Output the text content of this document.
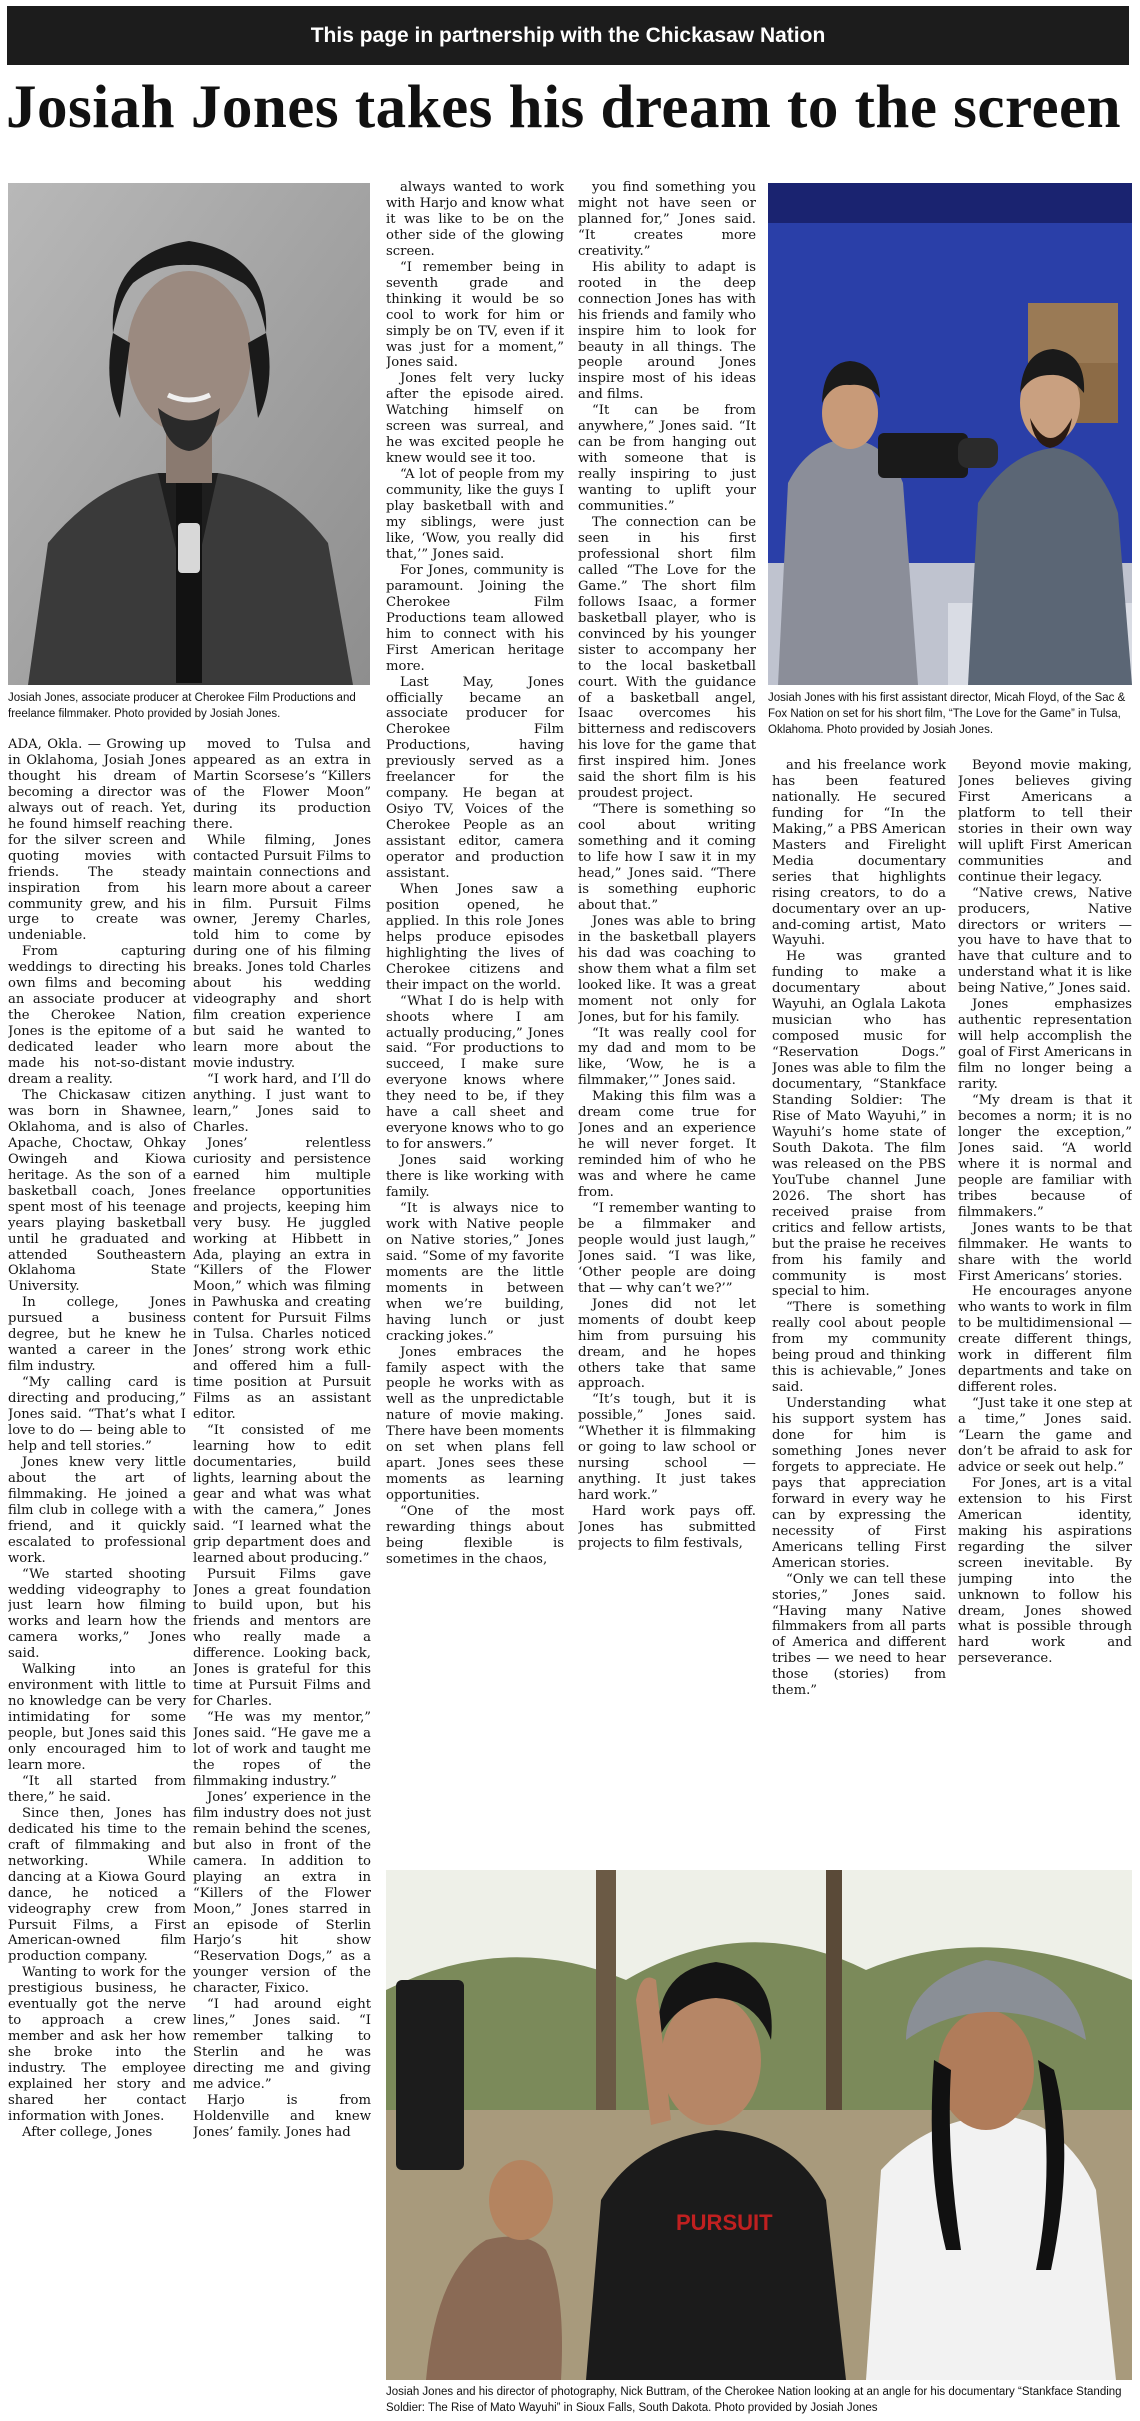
This page in partnership with the Chickasaw Nation
Josiah Jones takes his dream to the screen
Josiah Jones, associate producer at Cherokee Film Productions and freelance filmmaker. Photo provided by Josiah Jones.
Josiah Jones with his first assistant director, Micah Floyd, of the Sac & Fox Nation on set for his short film, “The Love for the Game” in Tulsa, Oklahoma. Photo provided by Josiah Jones.

ADA, Okla. — Growing up in Oklahoma, Josiah Jones thought his dream of becoming a director was always out of reach. Yet, he found himself reaching for the silver screen and quoting movies with friends. The steady inspiration from his community grew, and his urge to create was undeniable.

From capturing weddings to directing his own films and becoming an associate producer at the Cherokee Nation, Jones is the epitome of a dedicated leader who made his not-so-distant dream a reality.

The Chickasaw citizen was born in Shawnee, Oklahoma, and is also of Apache, Choctaw, Ohkay Owingeh and Kiowa heritage. As the son of a basketball coach, Jones spent most of his teenage years playing basketball until he graduated and attended Southeastern Oklahoma State University.

In college, Jones pursued a business degree, but he knew he wanted a career in the film industry.

“My calling card is directing and producing,” Jones said. “That’s what I love to do — being able to help and tell stories.”

Jones knew very little about the art of filmmaking. He joined a film club in college with a friend, and it quickly escalated to professional work.

“We started shooting wedding videography to just learn how filming works and learn how the camera works,” Jones said.

Walking into an environment with little to no knowledge can be very intimidating for some people, but Jones said this only encouraged him to learn more.

“It all started from there,” he said.

Since then, Jones has dedicated his time to the craft of filmmaking and networking. While dancing at a Kiowa Gourd dance, he noticed a videography crew from Pursuit Films, a First American-owned film production company.

Wanting to work for the prestigious business, he eventually got the nerve to approach a crew member and ask her how she broke into the industry. The employee explained her story and shared her contact information with Jones.

After college, Jones

moved to Tulsa and appeared as an extra in Martin Scorsese’s “Killers of the Flower Moon” during its production there.

While filming, Jones contacted Pursuit Films to maintain connections and learn more about a career in film. Pursuit Films owner, Jeremy Charles, told him to come by during one of his filming breaks. Jones told Charles about his wedding videography and short film creation experience but said he wanted to learn more about the movie industry.

“I work hard, and I’ll do anything. I just want to learn,” Jones said to Charles.

Jones’ relentless curiosity and persistence earned him multiple freelance opportunities and projects, keeping him very busy. He juggled working at Hibbett in Ada, playing an extra in “Killers of the Flower Moon,” which was filming in Pawhuska and creating content for Pursuit Films in Tulsa. Charles noticed Jones’ strong work ethic and offered him a full-time position at Pursuit Films as an assistant editor.

“It consisted of me learning how to edit documentaries, build lights, learning about the gear and what was what with the camera,” Jones said. “I learned what the grip department does and learned about producing.”

Pursuit Films gave Jones a great foundation to build upon, but his friends and mentors are who really made a difference. Looking back, Jones is grateful for this time at Pursuit Films and for Charles.

“He was my mentor,” Jones said. “He gave me a lot of work and taught me the ropes of the filmmaking industry.”

Jones’ experience in the film industry does not just remain behind the scenes, but also in front of the camera. In addition to playing an extra in “Killers of the Flower Moon,” Jones starred in an episode of Sterlin Harjo’s hit show “Reservation Dogs,” as a younger version of the character, Fixico.

“I had around eight lines,” Jones said. “I remember talking to Sterlin and he was directing me and giving me advice.”

Harjo is from Holdenville and knew Jones’ family. Jones had

always wanted to work with Harjo and know what it was like to be on the other side of the glowing screen.

“I remember being in seventh grade and thinking it would be so cool to work for him or simply be on TV, even if it was just for a moment,” Jones said.

Jones felt very lucky after the episode aired. Watching himself on screen was surreal, and he was excited people he knew would see it too.

“A lot of people from my community, like the guys I play basketball with and my siblings, were just like, ‘Wow, you really did that,’” Jones said.

For Jones, community is paramount. Joining the Cherokee Film Productions team allowed him to connect with his First American heritage more.

Last May, Jones officially became an associate producer for Cherokee Film Productions, having previously served as a freelancer for the company. He began at Osiyo TV, Voices of the Cherokee People as an assistant editor, camera operator and production assistant.

When Jones saw a position opened, he applied. In this role Jones helps produce episodes highlighting the lives of Cherokee citizens and their impact on the world.

“What I do is help with shoots where I am actually producing,” Jones said. “For productions to succeed, I make sure everyone knows where they need to be, if they have a call sheet and everyone knows who to go to for answers.”

Jones said working there is like working with family.

“It is always nice to work with Native people on Native stories,” Jones said. “Some of my favorite moments are the little moments in between when we’re building, having lunch or just cracking jokes.”

Jones embraces the family aspect with the people he works with as well as the unpredictable nature of movie making. There have been moments on set when plans fell apart. Jones sees these moments as learning opportunities.

“One of the most rewarding things about being flexible is sometimes in the chaos,

you find something you might not have seen or planned for,” Jones said. “It creates more creativity.”

His ability to adapt is rooted in the deep connection Jones has with his friends and family who inspire him to look for beauty in all things. The people around Jones inspire most of his ideas and films.

“It can be from anywhere,” Jones said. “It can be from hanging out with someone that is really inspiring to just wanting to uplift your communities.”

The connection can be seen in his first professional short film called “The Love for the Game.” The short film follows Isaac, a former basketball player, who is convinced by his younger sister to accompany her to the local basketball court. With the guidance of a basketball angel, Isaac overcomes his bitterness and rediscovers his love for the game that first inspired him. Jones said the short film is his proudest project.

“There is something so cool about writing something and it coming to life how I saw it in my head,” Jones said. “There is something euphoric about that.”

Jones was able to bring in the basketball players his dad was coaching to show them what a film set looked like. It was a great moment not only for Jones, but for his family.

“It was really cool for my dad and mom to be like, ‘Wow, he is a filmmaker,’” Jones said.

Making this film was a dream come true for Jones and an experience he will never forget. It reminded him of who he was and where he came from.

“I remember wanting to be a filmmaker and people would just laugh,” Jones said. “I was like, ‘Other people are doing that — why can’t we?’”

Jones did not let moments of doubt keep him from pursuing his dream, and he hopes others take that same approach.

“It’s tough, but it is possible,” Jones said. “Whether it is filmmaking or going to law school or nursing school — anything. It just takes hard work.”

Hard work pays off. Jones has submitted projects to film festivals,

and his freelance work has been featured nationally. He secured funding for “In the Making,” a PBS American Masters and Firelight Media documentary series that highlights rising creators, to do a documentary over an up-and-coming artist, Mato Wayuhi.

He was granted funding to make a documentary about Wayuhi, an Oglala Lakota musician who has composed music for “Reservation Dogs.” Jones was able to film the documentary, “Stankface Standing Soldier: The Rise of Mato Wayuhi,” in Wayuhi’s home state of South Dakota. The film was released on the PBS YouTube channel June 2026. The short has received praise from critics and fellow artists, but the praise he receives from his family and community is most special to him.

“There is something really cool about people from my community being proud and thinking this is achievable,” Jones said.

Understanding what his support system has done for him is something Jones never forgets to appreciate. He pays that appreciation forward in every way he can by expressing the necessity of First Americans telling First American stories.

“Only we can tell these stories,” Jones said. “Having many Native filmmakers from all parts of America and different tribes — we need to hear those (stories) from them.”

Beyond movie making, Jones believes giving First Americans a platform to tell their stories in their own way will uplift First American communities and continue their legacy.

“Native crews, Native producers, Native directors or writers — you have to have that to have that culture and to understand what it is like being Native,” Jones said.

Jones emphasizes authentic representation will help accomplish the goal of First Americans in film no longer being a rarity.

“My dream is that it becomes a norm; it is no longer the exception,” Jones said. “A world where it is normal and people are familiar with tribes because of filmmakers.”

Jones wants to be that filmmaker. He wants to share with the world First Americans’ stories.

He encourages anyone who wants to work in film to be multidimensional — create different things, work in different film departments and take on different roles.

“Just take it one step at a time,” Jones said. “Learn the game and don’t be afraid to ask for advice or seek out help.”

For Jones, art is a vital extension to his First American identity, making his aspirations regarding the silver screen inevitable. By jumping into the unknown to follow his dream, Jones showed what is possible through hard work and perseverance.

PURSUIT
Josiah Jones and his director of photography, Nick Buttram, of the Cherokee Nation looking at an angle for his documentary “Stankface Standing Soldier: The Rise of Mato Wayuhi” in Sioux Falls, South Dakota. Photo provided by Josiah Jones
